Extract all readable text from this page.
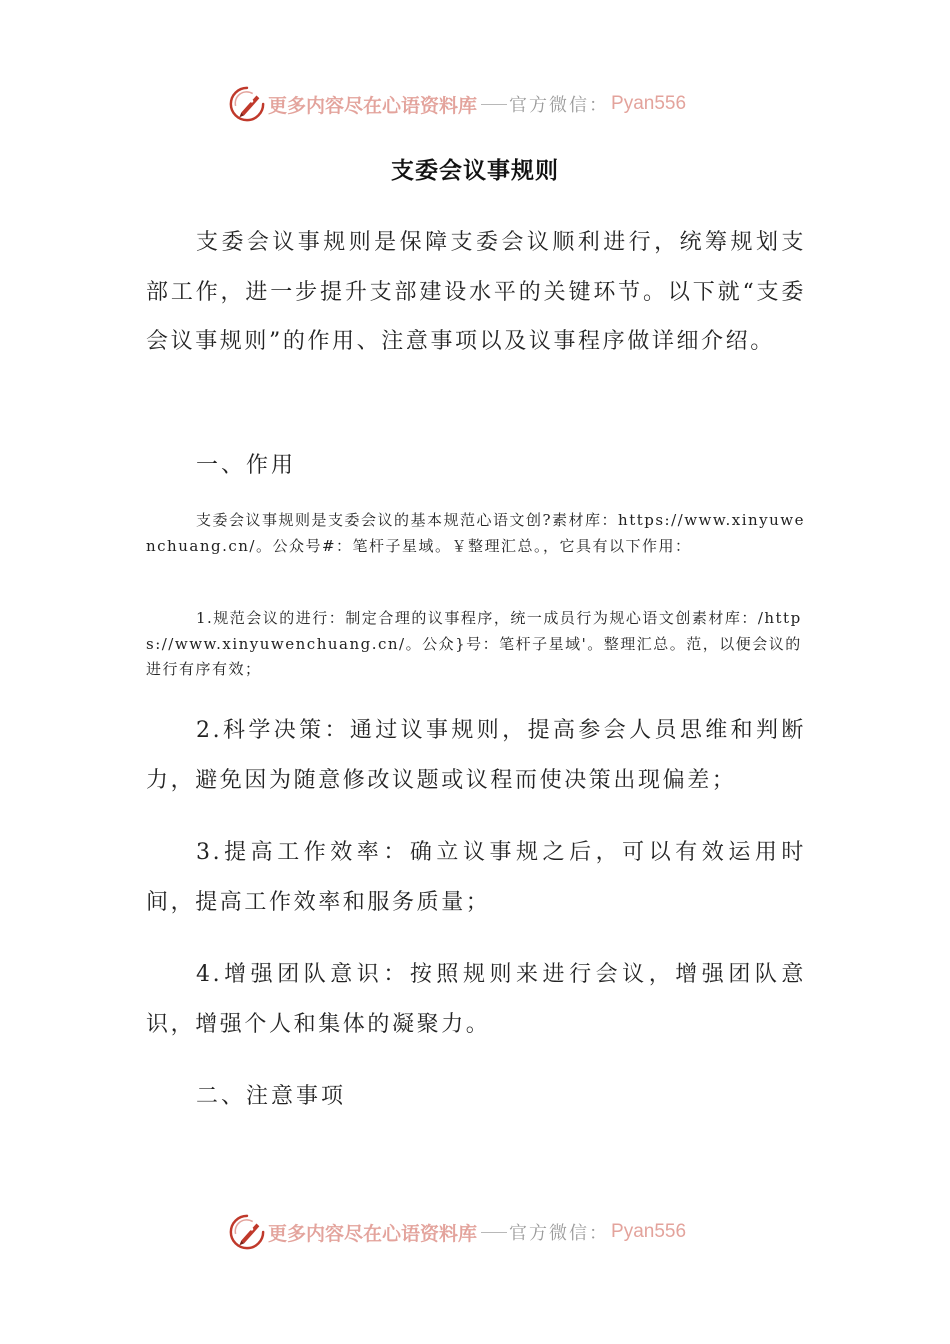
更多内容尽在心语资料库 官方微信： Pyan556
支委会议事规则

支委会议事规则是保障支委会议顺利进行，统筹规划支部工作，进一步提升支部建设水平的关键环节。以下就“支委会议事规则”的作用、注意事项以及议事程序做详细介绍。

一、作用

支委会议事规则是支委会议的基本规范心语文创?素材库：https://www.xinyuwenchuang.cn/。公众号#：笔杆子星域。￥整理汇总。，它具有以下作用：

1.规范会议的进行：制定合理的议事程序，统一成员行为规心语文创素材库：/https://www.xinyuwenchuang.cn/。公众}号：笔杆子星域'。整理汇总。范，以便会议的进行有序有效；

2.科学决策：通过议事规则，提高参会人员思维和判断力，避免因为随意修改议题或议程而使决策出现偏差；

3.提高工作效率：确立议事规之后，可以有效运用时间，提高工作效率和服务质量；

4.增强团队意识：按照规则来进行会议，增强团队意识，增强个人和集体的凝聚力。

二、注意事项

更多内容尽在心语资料库 官方微信： Pyan556
